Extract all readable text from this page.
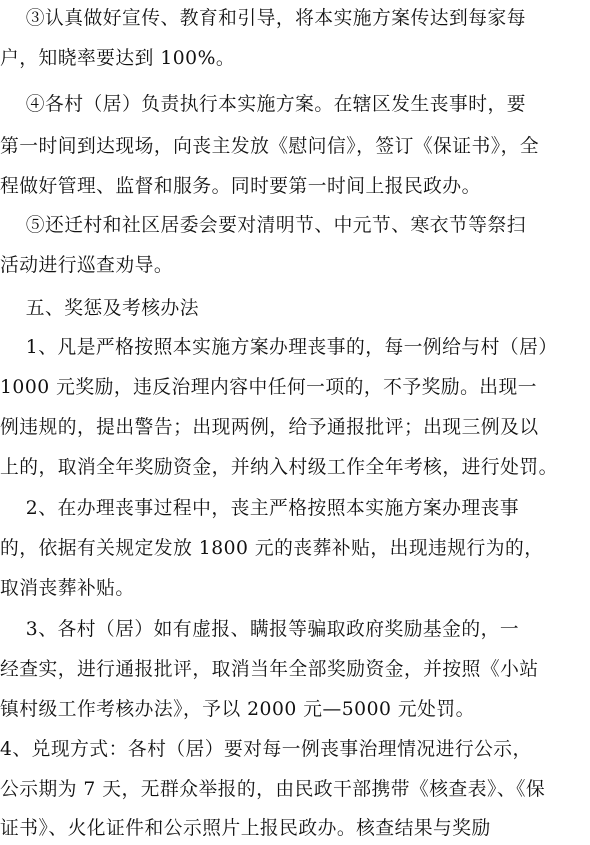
③认真做好宣传、教育和引导，将本实施方案传达到每家每
户，知晓率要达到 100%。
④各村（居）负责执行本实施方案。在辖区发生丧事时，要
第一时间到达现场，向丧主发放《慰问信》，签订《保证书》，全
程做好管理、监督和服务。同时要第一时间上报民政办。
⑤还迁村和社区居委会要对清明节、中元节、寒衣节等祭扫
活动进行巡查劝导。
五、奖惩及考核办法
1、凡是严格按照本实施方案办理丧事的，每一例给与村（居）
1000 元奖励，违反治理内容中任何一项的，不予奖励。出现一
例违规的，提出警告；出现两例，给予通报批评；出现三例及以
上的，取消全年奖励资金，并纳入村级工作全年考核，进行处罚。
2、在办理丧事过程中，丧主严格按照本实施方案办理丧事
的，依据有关规定发放 1800 元的丧葬补贴，出现违规行为的，
取消丧葬补贴。
3、各村（居）如有虚报、瞒报等骗取政府奖励基金的，一
经查实，进行通报批评，取消当年全部奖励资金，并按照《小站
镇村级工作考核办法》，予以 2000 元—5000 元处罚。
4、兑现方式：各村（居）要对每一例丧事治理情况进行公示，
公示期为 7 天，无群众举报的，由民政干部携带《核查表》、《保
证书》、火化证件和公示照片上报民政办。核查结果与奖励
